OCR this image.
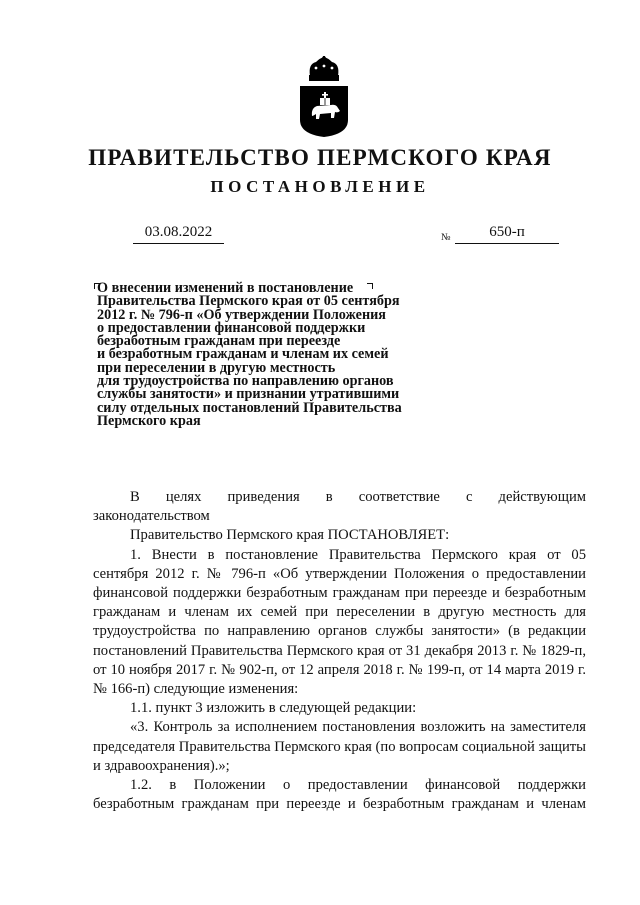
ПРАВИТЕЛЬСТВО ПЕРМСКОГО КРАЯ
ПОСТАНОВЛЕНИЕ
03.08.2022	№	650-п
О внесении изменений в постановление
Правительства Пермского края от 05 сентября
2012 г. № 796-п «Об утверждении Положения
о предоставлении финансовой поддержки
безработным гражданам при переезде
и безработным гражданам и членам их семей
при переселении в другую местность
для трудоустройства по направлению органов
службы занятости» и признании утратившими
силу отдельных постановлений Правительства
Пермского края

В целях приведения в соответствие с действующим

законодательством

Правительство Пермского края ПОСТАНОВЛЯЕТ:

1. Внести в постановление Правительства Пермского края от 05 сентября 2012 г. № 796-п «Об утверждении Положения о предоставлении финансовой поддержки безработным гражданам при переезде и безработным гражданам и членам их семей при переселении в другую местность для трудоустройства по направлению органов службы занятости» (в редакции постановлений Правительства Пермского края от 31 декабря 2013 г. № 1829-п, от 10 ноября 2017 г. № 902-п, от 12 апреля 2018 г. № 199-п, от 14 марта 2019 г. № 166-п) следующие изменения:

1.1. пункт 3 изложить в следующей редакции:

«3. Контроль за исполнением постановления возложить на заместителя председателя Правительства Пермского края (по вопросам социальной защиты и здравоохранения).»;

1.2. в Положении о предоставлении финансовой поддержки безработным гражданам при переезде и безработным гражданам и членам
